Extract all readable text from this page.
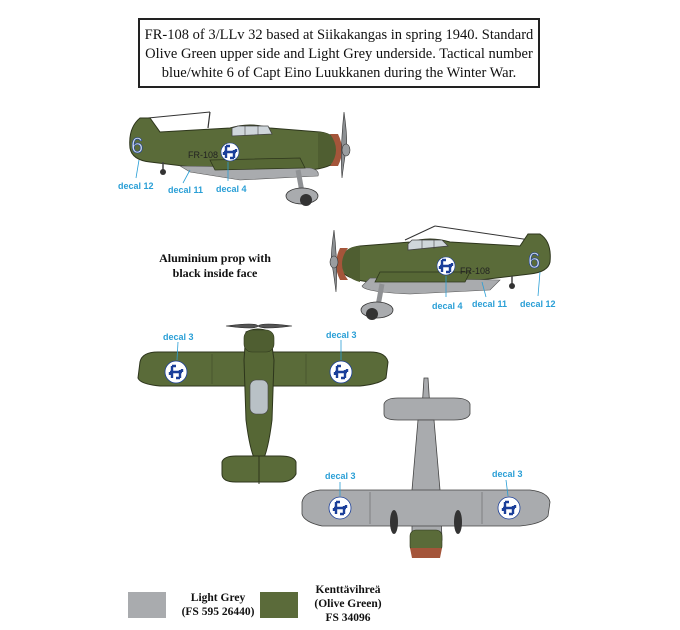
FR-108 of 3/LLv 32 based at Siikakangas in spring 1940. Standard
Olive Green upper side and Light Grey underside. Tactical number
blue/white 6 of Capt Eino Luukkanen during the Winter War.
6	FR-108
decal 12 decal 11 decal 4
6
FR-108
decal 4 decal 11 decal 12
decal 3	decal 3
decal 3	decal 3
Aluminium prop with
black inside face
Light Grey
(FS 595 26440)
Kenttävihreä
(Olive Green)
FS 34096
